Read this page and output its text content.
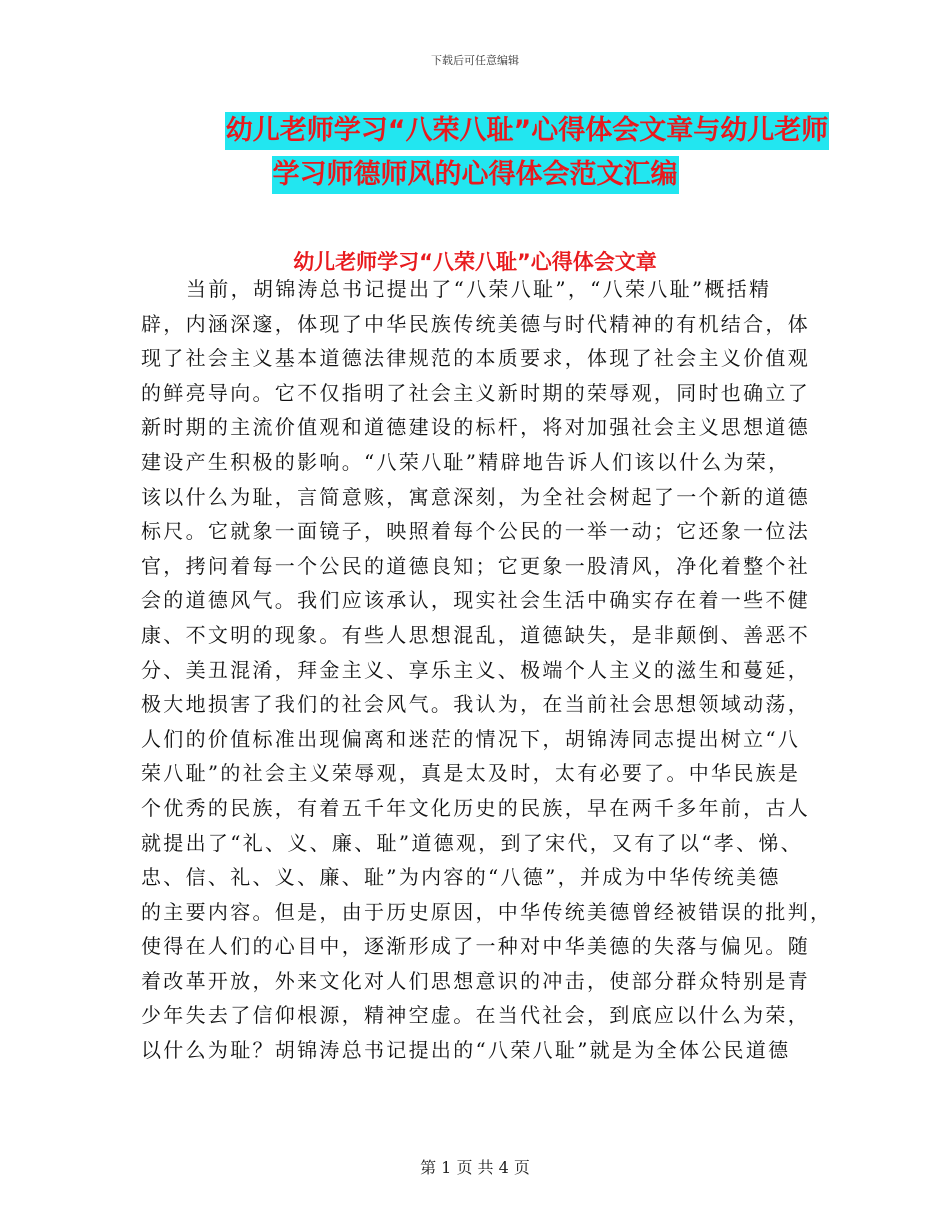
下载后可任意编辑
幼儿老师学习“八荣八耻”心得体会文章与幼儿老师
学习师德师风的心得体会范文汇编
幼儿老师学习“八荣八耻”心得体会文章
当前，胡锦涛总书记提出了“八荣八耻”，“八荣八耻”概括精
辟，内涵深邃，体现了中华民族传统美德与时代精神的有机结合，体
现了社会主义基本道德法律规范的本质要求，体现了社会主义价值观
的鲜亮导向。它不仅指明了社会主义新时期的荣辱观，同时也确立了
新时期的主流价值观和道德建设的标杆，将对加强社会主义思想道德
建设产生积极的影响。“八荣八耻”精辟地告诉人们该以什么为荣，
该以什么为耻，言简意赅，寓意深刻，为全社会树起了一个新的道德
标尺。它就象一面镜子，映照着每个公民的一举一动；它还象一位法
官，拷问着每一个公民的道德良知；它更象一股清风，净化着整个社
会的道德风气。我们应该承认，现实社会生活中确实存在着一些不健
康、不文明的现象。有些人思想混乱，道德缺失，是非颠倒、善恶不
分、美丑混淆，拜金主义、享乐主义、极端个人主义的滋生和蔓延，
极大地损害了我们的社会风气。我认为，在当前社会思想领域动荡，
人们的价值标准出现偏离和迷茫的情况下，胡锦涛同志提出树立“八
荣八耻”的社会主义荣辱观，真是太及时，太有必要了。中华民族是
个优秀的民族，有着五千年文化历史的民族，早在两千多年前，古人
就提出了“礼、义、廉、耻”道德观，到了宋代，又有了以“孝、悌、
忠、信、礼、义、廉、耻”为内容的“八德”，并成为中华传统美德
的主要内容。但是，由于历史原因，中华传统美德曾经被错误的批判，
使得在人们的心目中，逐渐形成了一种对中华美德的失落与偏见。随
着改革开放，外来文化对人们思想意识的冲击，使部分群众特别是青
少年失去了信仰根源，精神空虚。在当代社会，到底应以什么为荣，
以什么为耻？胡锦涛总书记提出的“八荣八耻”就是为全体公民道德
第 1 页 共 4 页
